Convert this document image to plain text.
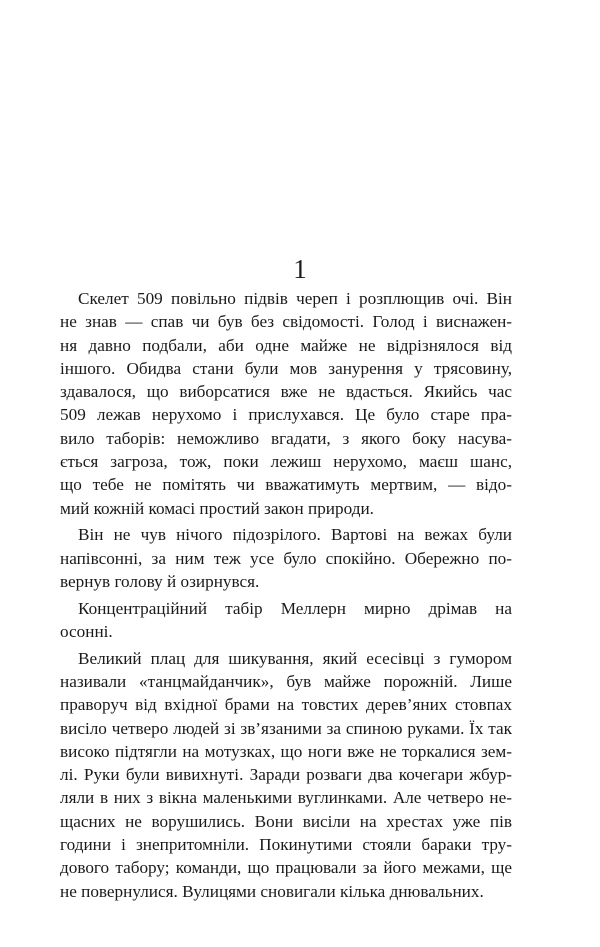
1
Скелет 509 повільно підвів череп і розплющив очі. Він
не знав — спав чи був без свідомості. Голод і виснажен-
ня давно подбали, аби одне майже не відрізнялося від
іншого. Обидва стани були мов занурення у трясовину,
здавалося, що виборсатися вже не вдасться. Якийсь час
509 лежав нерухомо і прислухався. Це було старе пра-
вило таборів: неможливо вгадати, з якого боку насува-
ється загроза, тож, поки лежиш нерухомо, маєш шанс,
що тебе не помітять чи вважатимуть мертвим, — відо-
мий кожній комасі простий закон природи.
Він не чув нічого підозрілого. Вартові на вежах були
напівсонні, за ним теж усе було спокійно. Обережно по-
вернув голову й озирнувся.
Концентраційний табір Меллерн мирно дрімав на
осонні.
Великий плац для шикування, який есесівці з гумором
називали «танцмайданчик», був майже порожній. Лише
праворуч від вхідної брами на товстих дерев’яних стовпах
висіло четверо людей зі зв’язаними за спиною руками. Їх так
високо підтягли на мотузках, що ноги вже не торкалися зем-
лі. Руки були вивихнуті. Заради розваги два кочегари жбур-
ляли в них з вікна маленькими вуглинками. Але четверо не-
щасних не ворушились. Вони висіли на хрестах уже пів
години і знепритомніли. Покинутими стояли бараки тру-
дового табору; команди, що працювали за його межами, ще
не повернулися. Вулицями сновигали кілька днювальних.
